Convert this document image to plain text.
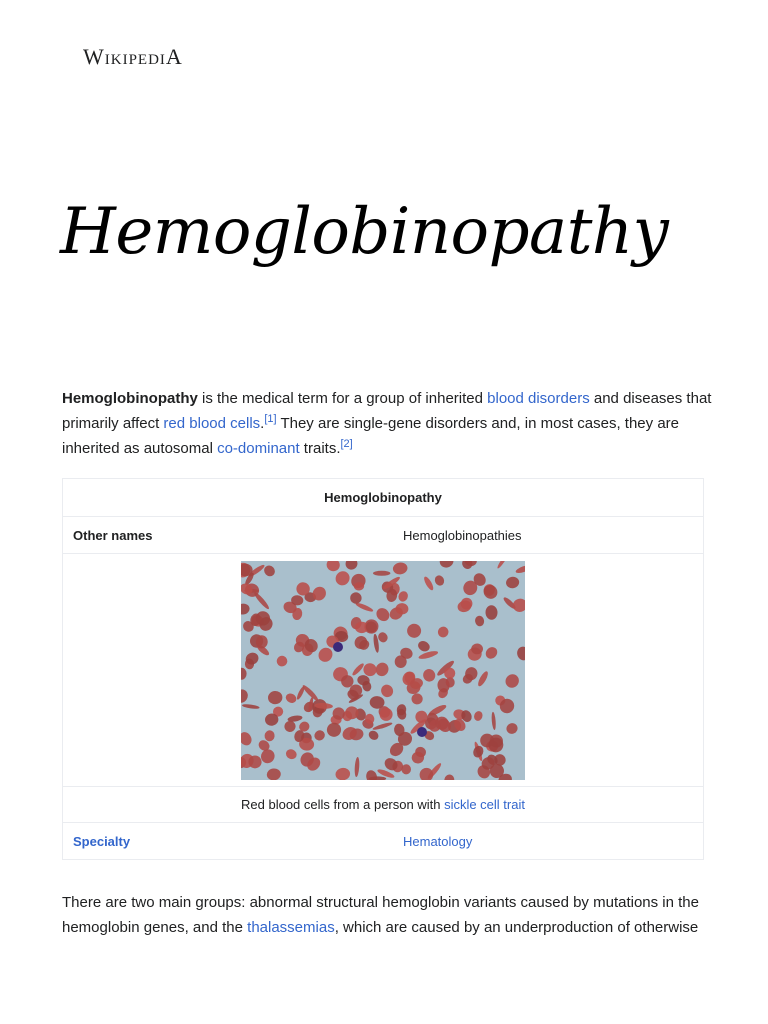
WikipediA
Hemoglobinopathy

Hemoglobinopathy is the medical term for a group of inherited blood disorders and diseases that primarily affect red blood cells.[1] They are single-gene disorders and, in most cases, they are inherited as autosomal co-dominant traits.[2]

Hemoglobinopathy	
Other names	Hemoglobinopathies

Red blood cells from a person with sickle cell trait	
Specialty	Hematology

There are two main groups: abnormal structural hemoglobin variants caused by mutations in the hemoglobin genes, and the thalassemias, which are caused by an underproduction of otherwise
